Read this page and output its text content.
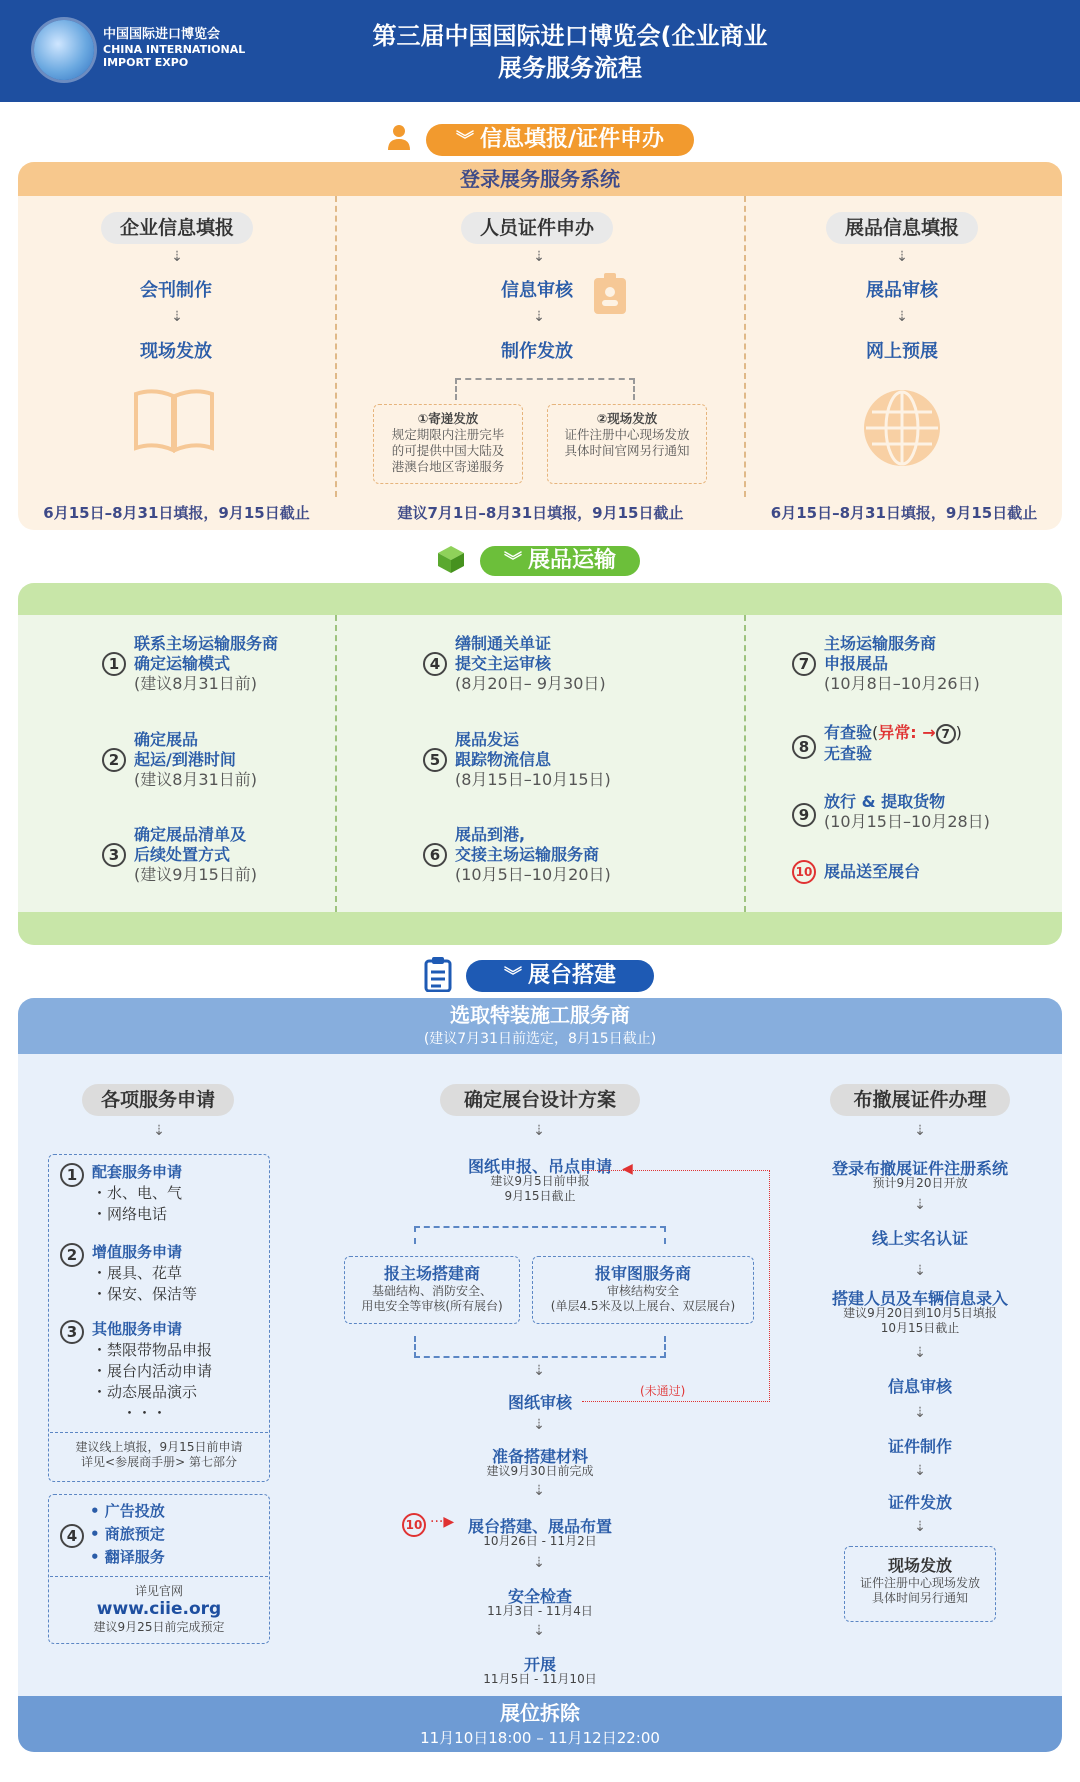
中国国际进口博览会
CHINA INTERNATIONAL
IMPORT EXPO
第三届中国国际进口博览会(企业商业
展务服务流程
︾ 信息填报/证件申办
登录展务服务系统
企业信息填报
⇣
会刊制作
⇣
现场发放
6月15日–8月31日填报，9月15日截止
人员证件申办
⇣
信息审核
⇣
制作发放
①寄递发放
规定期限内注册完毕
的可提供中国大陆及
港澳台地区寄递服务
②现场发放
证件注册中心现场发放
具体时间官网另行通知
建议7月1日–8月31日填报，9月15日截止
展品信息填报
⇣
展品审核
⇣
网上预展
6月15日–8月31日填报，9月15日截止
︾ 展品运输
1
联系主场运输服务商
确定运输模式
(建议8月31日前)
2
确定展品
起运/到港时间
(建议8月31日前)
3
确定展品清单及
后续处置方式
(建议9月15日前)
4
缮制通关单证
提交主运审核
(8月20日– 9月30日)
5
展品发运
跟踪物流信息
(8月15日–10月15日)
6
展品到港,
交接主场运输服务商
(10月5日–10月20日)
7
主场运输服务商
申报展品
(10月8日–10月26日)
8
有查验(异常: → 7 )
无查验
9
放行 & 提取货物
(10月15日–10月28日)
10 展品送至展台
︾ 展台搭建
选取特装施工服务商
(建议7月31日前选定，8月15日截止)
各项服务申请
⇣
1 配套服务申请
・水、电、气
・网络电话
2 增值服务申请
・展具、花草
・保安、保洁等
3 其他服务申请
・禁限带物品申报
・展台内活动申请
・动态展品演示
・・・
建议线上填报，9月15日前申请
详见<参展商手册> 第七部分
4
• 广告投放
• 商旅预定
• 翻译服务
详见官网
www.ciie.org
建议9月25日前完成预定
确定展台设计方案
⇣
图纸申报、吊点申请
建议9月5日前申报
9月15日截止
报主场搭建商
基础结构、消防安全、
用电安全等审核(所有展台)
报审图服务商
审核结构安全
(单层4.5米及以上展台、双层展台)
⇣
图纸审核
◀
(未通过)
⇣
准备搭建材料
建议9月30日前完成
⇣
10 ···▶ 展台搭建、展品布置
10月26日 - 11月2日
⇣
安全检查
11月3日 - 11月4日
⇣
开展
11月5日 - 11月10日
布撤展证件办理
⇣
登录布撤展证件注册系统
预计9月20日开放
⇣
线上实名认证
⇣
搭建人员及车辆信息录入
建议9月20日到10月5日填报
10月15日截止
⇣
信息审核
⇣
证件制作
⇣
证件发放
⇣
现场发放
证件注册中心现场发放
具体时间另行通知
展位拆除
11月10日18:00 – 11月12日22:00
